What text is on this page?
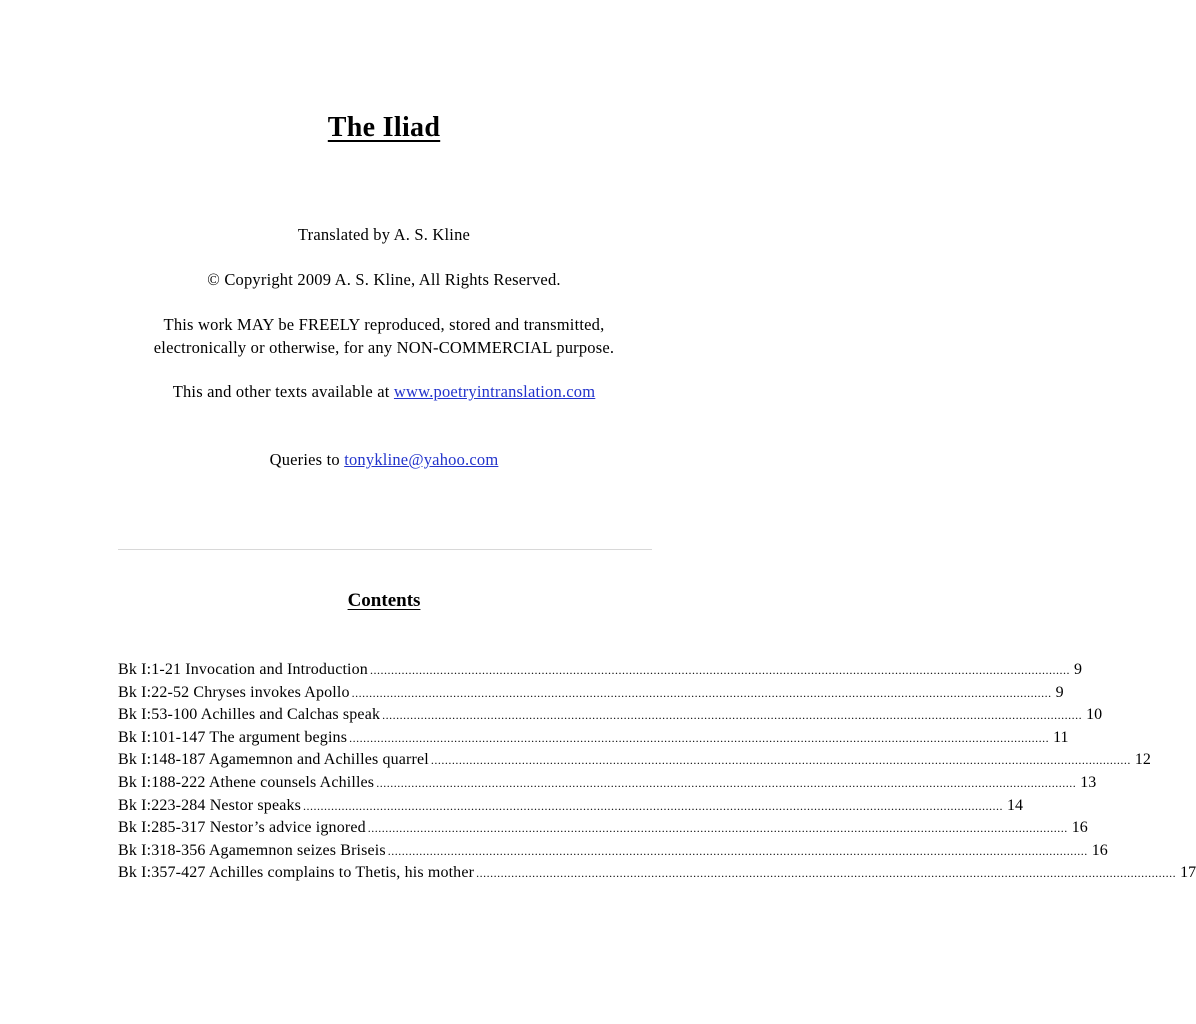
The Iliad
Translated by A. S. Kline
© Copyright 2009 A. S. Kline, All Rights Reserved.
This work MAY be FREELY reproduced, stored and transmitted,
electronically or otherwise, for any NON-COMMERCIAL purpose.
This and other texts available at www.poetryintranslation.com
Queries to tonykline@yahoo.com
Contents
Bk I:1-21 Invocation and Introduction ........................................................................................................................................................................................................ 9
Bk I:22-52 Chryses invokes Apollo ........................................................................................................................................................................................................ 9
Bk I:53-100 Achilles and Calchas speak ........................................................................................................................................................................................................ 10
Bk I:101-147 The argument begins ........................................................................................................................................................................................................ 11
Bk I:148-187 Agamemnon and Achilles quarrel ........................................................................................................................................................................................................ 12
Bk I:188-222 Athene counsels Achilles ........................................................................................................................................................................................................ 13
Bk I:223-284 Nestor speaks ........................................................................................................................................................................................................ 14
Bk I:285-317 Nestor’s advice ignored ........................................................................................................................................................................................................ 16
Bk I:318-356 Agamemnon seizes Briseis ........................................................................................................................................................................................................ 16
Bk I:357-427 Achilles complains to Thetis, his mother ........................................................................................................................................................................................................ 17
